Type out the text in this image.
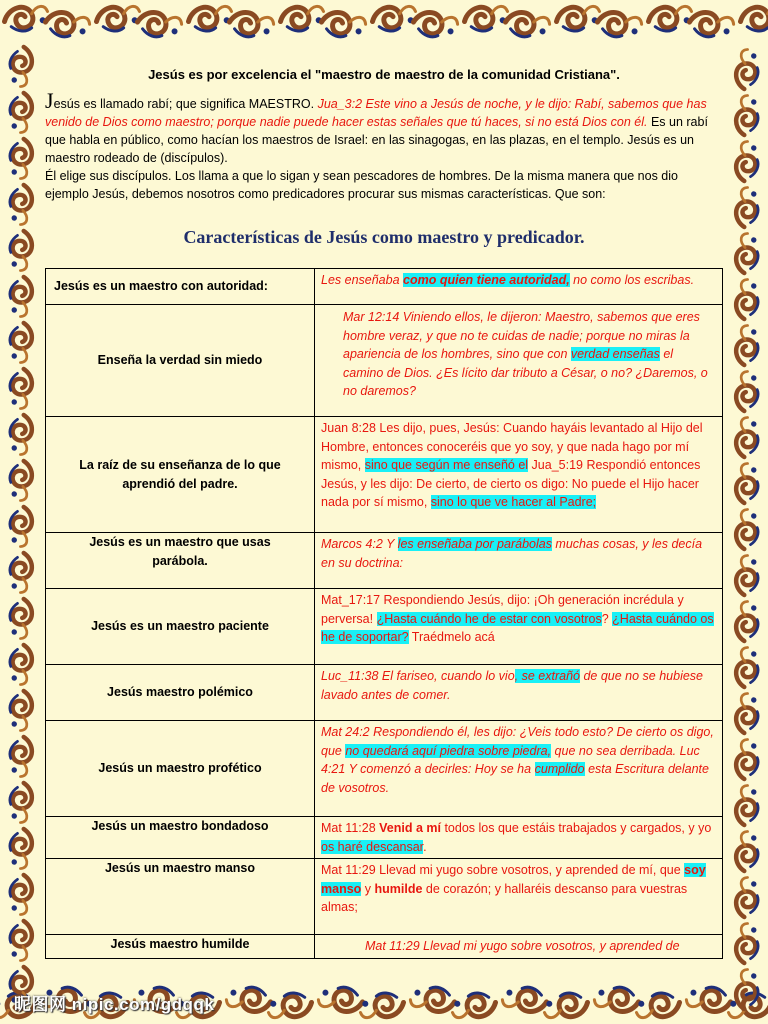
Jesús es por excelencia el "maestro de maestro de la comunidad Cristiana".

Jesús es llamado rabí; que significa MAESTRO. Jua_3:2 Este vino a Jesús de noche, y le dijo: Rabí, sabemos que has venido de Dios como maestro; porque nadie puede hacer estas señales que tú haces, si no está Dios con él. Es un rabí que habla en público, como hacían los maestros de Israel: en las sinagogas, en las plazas, en el templo. Jesús es un maestro rodeado de (discípulos).

Él elige sus discípulos. Los llama a que lo sigan y sean pescadores de hombres. De la misma manera que nos dio ejemplo Jesús, debemos nosotros como predicadores procurar sus mismas características. Que son:

Características de Jesús como maestro y predicador.
Jesús es un maestro con autoridad:	Les enseñaba como quien tiene autoridad, no como los escribas.
Enseña la verdad sin miedo	Mar 12:14 Viniendo ellos, le dijeron: Maestro, sabemos que eres hombre veraz, y que no te cuidas de nadie; porque no miras la apariencia de los hombres, sino que con verdad enseñas el camino de Dios. ¿Es lícito dar tributo a César, o no? ¿Daremos, o no daremos?
La raíz de su enseñanza de lo que aprendió del padre.	Juan 8:28 Les dijo, pues, Jesús: Cuando hayáis levantado al Hijo del Hombre, entonces conoceréis que yo soy, y que nada hago por mí mismo, sino que según me enseñó el Jua_5:19 Respondió entonces Jesús, y les dijo: De cierto, de cierto os digo: No puede el Hijo hacer nada por sí mismo, sino lo que ve hacer al Padre;
Jesús es un maestro que usas parábola.	Marcos 4:2 Y les enseñaba por parábolas muchas cosas, y les decía en su doctrina:
Jesús es un maestro paciente	Mat_17:17 Respondiendo Jesús, dijo: ¡Oh generación incrédula y perversa! ¿Hasta cuándo he de estar con vosotros? ¿Hasta cuándo os he de soportar? Traédmelo acá
Jesús maestro polémico	Luc_11:38 El fariseo, cuando lo vio, se extrañó de que no se hubiese lavado antes de comer.
Jesús un maestro profético	Mat 24:2 Respondiendo él, les dijo: ¿Veis todo esto? De cierto os digo, que no quedará aquí piedra sobre piedra, que no sea derribada. Luc 4:21 Y comenzó a decirles: Hoy se ha cumplido esta Escritura delante de vosotros.
Jesús un maestro bondadoso	Mat 11:28 Venid a mí todos los que estáis trabajados y cargados, y yo os haré descansar.
Jesús un maestro manso	Mat 11:29 Llevad mi yugo sobre vosotros, y aprended de mí, que soy manso y humilde de corazón; y hallaréis descanso para vuestras almas;
Jesús maestro humilde	Mat 11:29 Llevad mi yugo sobre vosotros, y aprended de
昵图网 nipic.com/gdqqk
